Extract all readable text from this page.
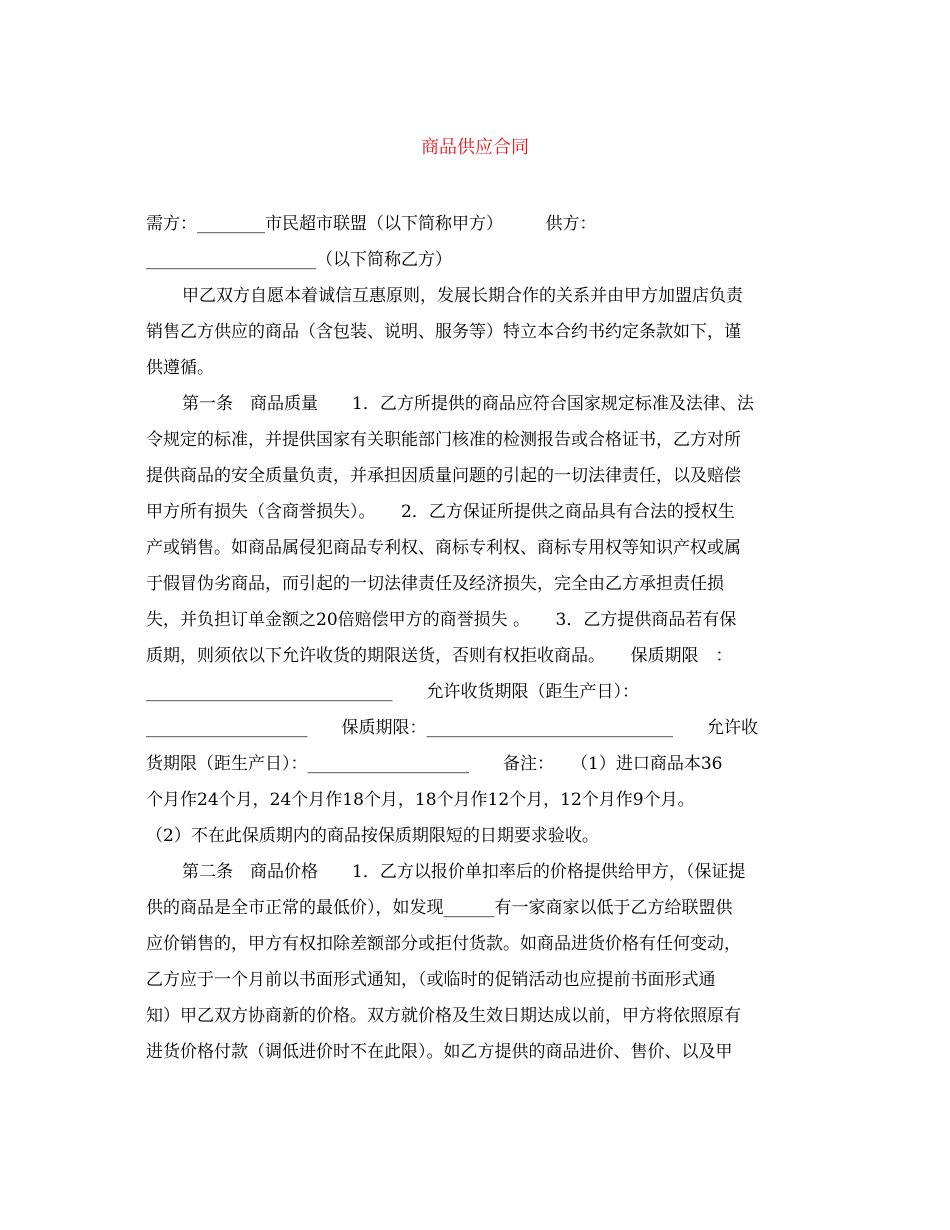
商品供应合同
需方：________市民超市联盟（以下简称甲方）　　　供方：
____________________（以下简称乙方）
甲乙双方自愿本着诚信互惠原则，发展长期合作的关系并由甲方加盟店负责
销售乙方供应的商品（含包装、说明、服务等）特立本合约书约定条款如下，谨
供遵循。
第一条　商品质量　　1．乙方所提供的商品应符合国家规定标准及法律、法
令规定的标准，并提供国家有关职能部门核准的检测报告或合格证书，乙方对所
提供商品的安全质量负责，并承担因质量问题的引起的一切法律责任，以及赔偿
甲方所有损失（含商誉损失）。　　2．乙方保证所提供之商品具有合法的授权生
产或销售。如商品属侵犯商品专利权、商标专利权、商标专用权等知识产权或属
于假冒伪劣商品，而引起的一切法律责任及经济损失，完全由乙方承担责任损
失，并负担订单金额之20倍赔偿甲方的商誉损失 。　　3．乙方提供商品若有保
质期，则须依以下允许收货的期限送货，否则有权拒收商品。　　保质期限　：
_____________________________　　允许收货期限（距生产日）：
___________________　　保质期限：_____________________________　　允许收
货期限（距生产日）：___________________　　备注：　　（1）进口商品本36
个月作24个月，24个月作18个月，18个月作12个月，12个月作9个月。
（2）不在此保质期内的商品按保质期限短的日期要求验收。
第二条　商品价格　　1．乙方以报价单扣率后的价格提供给甲方，（保证提
供的商品是全市正常的最低价），如发现______有一家商家以低于乙方给联盟供
应价销售的，甲方有权扣除差额部分或拒付货款。如商品进货价格有任何变动，
乙方应于一个月前以书面形式通知，（或临时的促销活动也应提前书面形式通
知）甲乙双方协商新的价格。双方就价格及生效日期达成以前，甲方将依照原有
进货价格付款（调低进价时不在此限）。如乙方提供的商品进价、售价、以及甲
